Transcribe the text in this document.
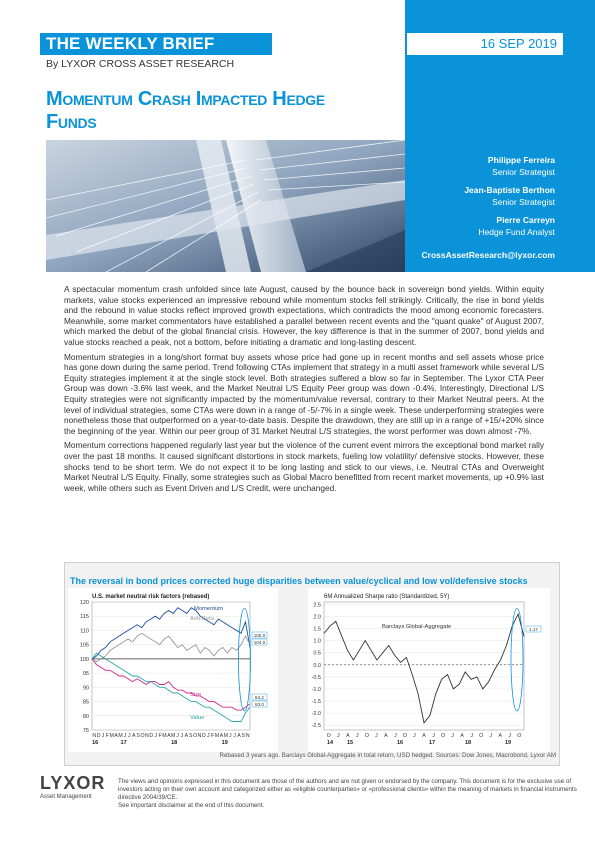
Philippe Ferreira
Senior Strategist
Jean-Baptiste Berthon
Senior Strategist
Pierre Carreyn
Hedge Fund Analyst
CrossAssetResearch@lyxor.com
THE WEEKLY BRIEF	16 SEP 2019
By LYXOR CROSS ASSET RESEARCH
Momentum Crash Impacted Hedge
Funds

A spectacular momentum crash unfolded since late August, caused by the bounce back in sovereign bond yields. Within equity markets, value stocks experienced an impressive rebound while momentum stocks fell strikingly. Critically, the rise in bond yields and the rebound in value stocks reflect improved growth expectations, which contradicts the mood among economic forecasters. Meanwhile, some market commentators have established a parallel between recent events and the "quant quake" of August 2007, which marked the debut of the global financial crisis. However, the key difference is that in the summer of 2007, bond yields and value stocks reached a peak, not a bottom, before initiating a dramatic and long-lasting descent.

Momentum strategies in a long/short format buy assets whose price had gone up in recent months and sell assets whose price has gone down during the same period. Trend following CTAs implement that strategy in a multi asset framework while several L/S Equity strategies implement it at the single stock level. Both strategies suffered a blow so far in September. The Lyxor CTA Peer Group was down -3.6% last week, and the Market Neutral L/S Equity Peer group was down -0.4%. Interestingly, Directional L/S Equity strategies were not significantly impacted by the momentum/value reversal, contrary to their Market Neutral peers. At the level of individual strategies, some CTAs were down in a range of -5/-7% in a single week. These underperforming strategies were nonetheless those that outperformed on a year-to-date basis. Despite the drawdown, they are still up in a range of +15/+20% since the beginning of the year. Within our peer group of 31 Market Neutral L/S strategies, the worst performer was down almost -7%.

Momentum corrections happened regularly last year but the violence of the current event mirrors the exceptional bond market rally over the past 18 months. It caused significant distortions in stock markets, fueling low volatility/ defensive stocks. However, these shocks tend to be short term. We do not expect it to be long lasting and stick to our views, i.e. Neutral CTAs and Overweight Market Neutral L/S Equity. Finally, some strategies such as Global Macro benefitted from recent market movements, up +0.9% last week, while others such as Event Driven and L/S Credit, were unchanged.

The reversal in bond prices corrected huge disparities between value/cyclical and low vol/defensive stocks
U.S. market neutral risk factors (rebased)
120
115
110
105
100
95
90
85
80
75
N D J F M A M J J A S O N D J F M A M J J A S O N D J F M A M J J A S N
16	17	18	19
Momentum
Anti-Beta
Size
Value
105.0
104.0
84.2
83.0
6M Annualized Sharpe ratio (Standardized, 5Y)
2.5
2.0
1.5
1.0
0.5
0.0
-0.5
-1.0
-1.5
-2.0
-2.5
O J A J O J A J O J A J O J A J O J A J O
14	15	16	17	18	19
Barclays Global-Aggregate	1.17
Rebased 3 years ago. Barclays Global-Aggregate in total return, USD hedged. Sources: Dow Jones, Macrobond, Lyxor AM
LYXOR
Asset Management
The views and opinions expressed in this document are those of the authors and are not given or endorsed by the company. This document is for the exclusive use of investors acting on their own account and categorized either as «eligible counterparties» or «professional clients» within the meaning of markets in financial instruments directive 2004/39/CE.
See important disclaimer at the end of this document.
